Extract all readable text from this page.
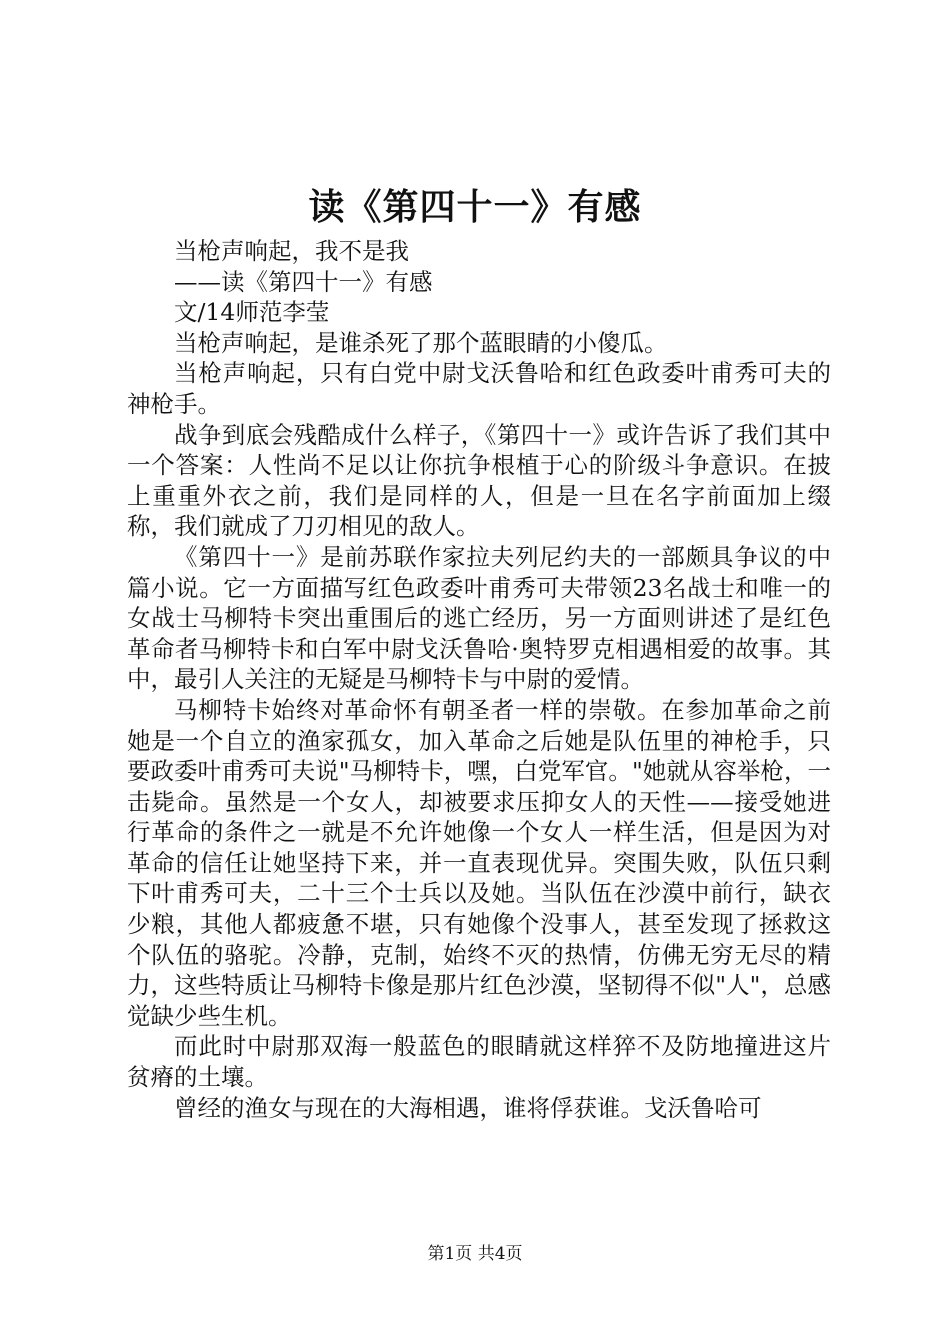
读《第四十一》有感

当枪声响起，我不是我

——读《第四十一》有感

文/14师范李莹

当枪声响起，是谁杀死了那个蓝眼睛的小傻瓜。

当枪声响起，只有白党中尉戈沃鲁哈和红色政委叶甫秀可夫的神枪手。

战争到底会残酷成什么样子，《第四十一》或许告诉了我们其中一个答案：人性尚不足以让你抗争根植于心的阶级斗争意识。在披上重重外衣之前，我们是同样的人，但是一旦在名字前面加上缀称，我们就成了刀刃相见的敌人。

《第四十一》是前苏联作家拉夫列尼约夫的一部颇具争议的中篇小说。它一方面描写红色政委叶甫秀可夫带领23名战士和唯一的女战士马柳特卡突出重围后的逃亡经历，另一方面则讲述了是红色革命者马柳特卡和白军中尉戈沃鲁哈·奥特罗克相遇相爱的故事。其中，最引人关注的无疑是马柳特卡与中尉的爱情。

马柳特卡始终对革命怀有朝圣者一样的崇敬。在参加革命之前她是一个自立的渔家孤女，加入革命之后她是队伍里的神枪手，只要政委叶甫秀可夫说"马柳特卡，嘿，白党军官。"她就从容举枪，一击毙命。虽然是一个女人，却被要求压抑女人的天性——接受她进行革命的条件之一就是不允许她像一个女人一样生活，但是因为对革命的信任让她坚持下来，并一直表现优异。突围失败，队伍只剩下叶甫秀可夫，二十三个士兵以及她。当队伍在沙漠中前行，缺衣少粮，其他人都疲惫不堪，只有她像个没事人，甚至发现了拯救这个队伍的骆驼。冷静，克制，始终不灭的热情，仿佛无穷无尽的精力，这些特质让马柳特卡像是那片红色沙漠，坚韧得不似"人"，总感觉缺少些生机。

而此时中尉那双海一般蓝色的眼睛就这样猝不及防地撞进这片贫瘠的土壤。

曾经的渔女与现在的大海相遇，谁将俘获谁。戈沃鲁哈可

第1页 共4页
